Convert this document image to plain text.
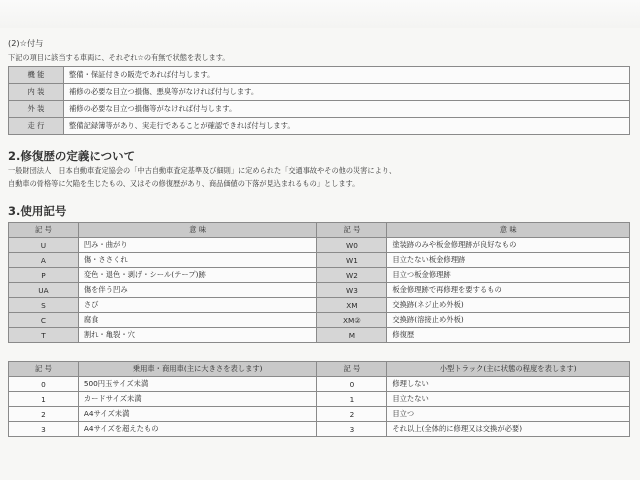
(2)☆付与
下記の項目に該当する車両に、それぞれ☆の有無で状態を表します。
機 能	整備・保証付きの販売であれば付与します。
内 装	補修の必要な目立つ損傷、悪臭等がなければ付与します。
外 装	補修の必要な目立つ損傷等がなければ付与します。
走 行	整備記録簿等があり、実走行であることが確認できれば付与します。
2.修復歴の定義について
一般財団法人　日本自動車査定協会の「中古自動車査定基準及び細則」に定められた「交通事故やその他の災害により、
自動車の骨格等に欠陥を生じたもの、又はその修復歴があり、商品価値の下落が見込まれるもの」とします。
3.使用記号
記 号	意 味	記 号	意 味
U	凹み・曲がり	W0	塗装跡のみや板金修理跡が良好なもの
A	傷・ささくれ	W1	目立たない板金修理跡
P	変色・退色・剥げ・シール(テープ)跡	W2	目立つ板金修理跡
UA	傷を伴う凹み	W3	板金修理跡で再修理を要するもの
S	さび	XM	交換跡(ネジ止め外板)
C	腐食	XM②	交換跡(溶接止め外板)
T	割れ・亀裂・穴	M	修復歴
記 号	乗用車・商用車(主に大きさを表します)	記 号	小型トラック(主に状態の程度を表します)
0	500円玉サイズ未満	0	修理しない
1	カードサイズ未満	1	目立たない
2	A4サイズ未満	2	目立つ
3	A4サイズを超えたもの	3	それ以上(全体的に修理又は交換が必要)
